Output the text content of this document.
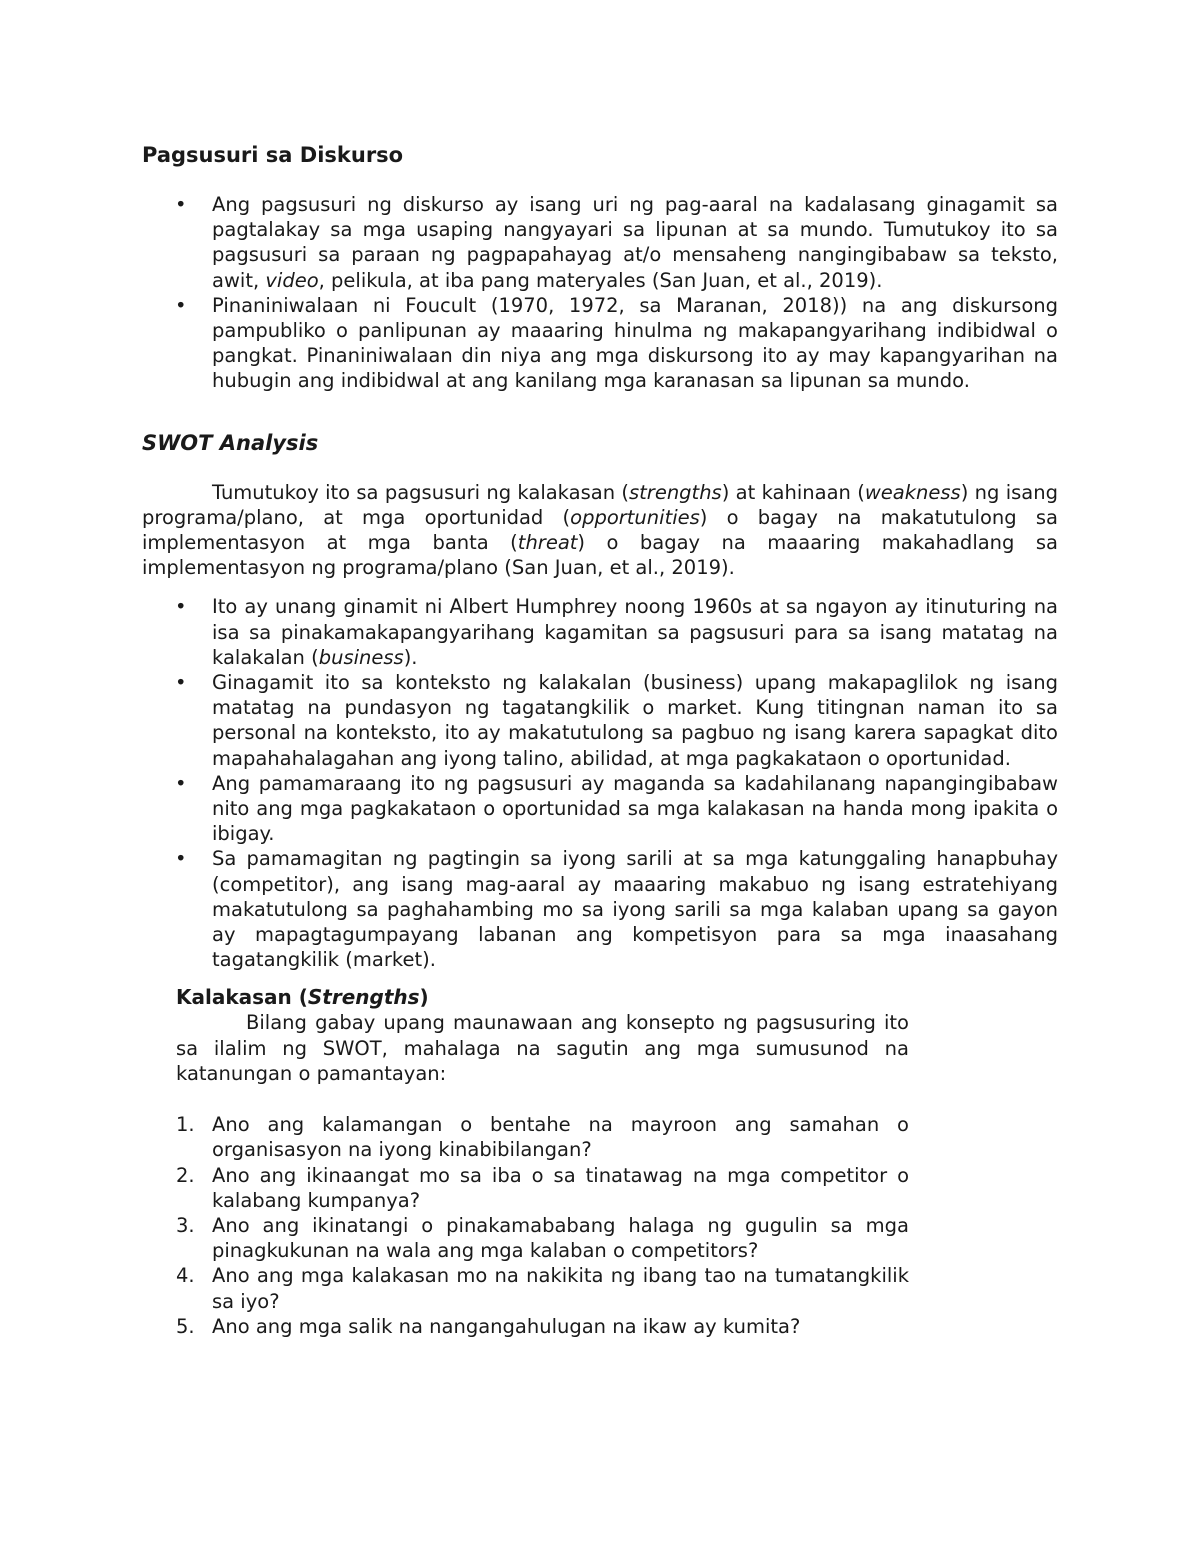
Pagsusuri sa Diskurso
• Ang pagsusuri ng diskurso ay isang uri ng pag-aaral na kadalasang ginagamit sa pagtalakay sa mga usaping nangyayari sa lipunan at sa mundo. Tumutukoy ito sa pagsusuri sa paraan ng pagpapahayag at/o mensaheng nangingibabaw sa teksto, awit, video, pelikula, at iba pang materyales (San Juan, et al., 2019).
• Pinaniniwalaan ni Foucult (1970, 1972, sa Maranan, 2018)) na ang diskursong pampubliko o panlipunan ay maaaring hinulma ng makapangyarihang indibidwal o pangkat. Pinaniniwalaan din niya ang mga diskursong ito ay may kapangyarihan na hubugin ang indibidwal at ang kanilang mga karanasan sa lipunan sa mundo.
SWOT Analysis

Tumutukoy ito sa pagsusuri ng kalakasan (strengths) at kahinaan (weakness) ng isang programa/plano, at mga oportunidad (opportunities) o bagay na makatutulong sa implementasyon at mga banta (threat) o bagay na maaaring makahadlang sa implementasyon ng programa/plano (San Juan, et al., 2019).

• Ito ay unang ginamit ni Albert Humphrey noong 1960s at sa ngayon ay itinuturing na isa sa pinakamakapangyarihang kagamitan sa pagsusuri para sa isang matatag na kalakalan (business).
• Ginagamit ito sa konteksto ng kalakalan (business) upang makapaglilok ng isang matatag na pundasyon ng tagatangkilik o market. Kung titingnan naman ito sa personal na konteksto, ito ay makatutulong sa pagbuo ng isang karera sapagkat dito mapahahalagahan ang iyong talino, abilidad, at mga pagkakataon o oportunidad.
• Ang pamamaraang ito ng pagsusuri ay maganda sa kadahilanang napangingibabaw nito ang mga pagkakataon o oportunidad sa mga kalakasan na handa mong ipakita o ibigay.
• Sa pamamagitan ng pagtingin sa iyong sarili at sa mga katunggaling hanapbuhay (competitor), ang isang mag-aaral ay maaaring makabuo ng isang estratehiyang makatutulong sa paghahambing mo sa iyong sarili sa mga kalaban upang sa gayon ay mapagtagumpayang labanan ang kompetisyon para sa mga inaasahang tagatangkilik (market).
Kalakasan (Strengths)

Bilang gabay upang maunawaan ang konsepto ng pagsusuring ito sa ilalim ng SWOT, mahalaga na sagutin ang mga sumusunod na katanungan o pamantayan:

1. Ano ang kalamangan o bentahe na mayroon ang samahan o organisasyon na iyong kinabibilangan?
2. Ano ang ikinaangat mo sa iba o sa tinatawag na mga competitor o kalabang kumpanya?
3. Ano ang ikinatangi o pinakamababang halaga ng gugulin sa mga pinagkukunan na wala ang mga kalaban o competitors?
4. Ano ang mga kalakasan mo na nakikita ng ibang tao na tumatangkilik sa iyo?
5. Ano ang mga salik na nangangahulugan na ikaw ay kumita?
